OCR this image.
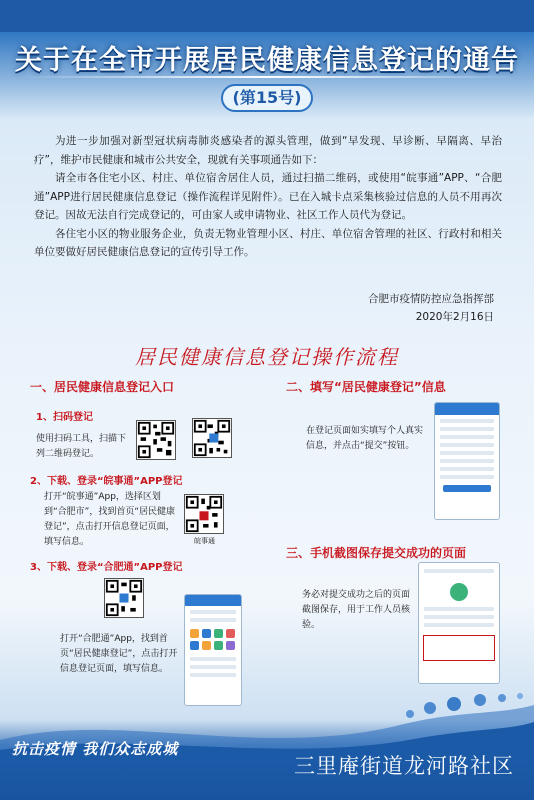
关于在全市开展居民健康信息登记的通告
(第15号)

为进一步加强对新型冠状病毒肺炎感染者的源头管理，做到“早发现、早诊断、早隔离、早治疗”，维护市民健康和城市公共安全，现就有关事项通告如下：

请全市各住宅小区、村庄、单位宿舍居住人员，通过扫描二维码，或使用“皖事通”APP、“合肥通”APP进行居民健康信息登记（操作流程详见附件）。已在入城卡点采集核验过信息的人员不用再次登记。因故无法自行完成登记的，可由家人或申请物业、社区工作人员代为登记。

各住宅小区的物业服务企业，负责无物业管理小区、村庄、单位宿舍管理的社区、行政村和相关单位要做好居民健康信息登记的宣传引导工作。

合肥市疫情防控应急指挥部
2020年2月16日
居民健康信息登记操作流程
一、居民健康信息登记入口
1、扫码登记
使用扫码工具，扫描下列二维码登记。
2、下载、登录“皖事通”APP登记
打开“皖事通”App，选择区划到“合肥市”，找到首页“居民健康登记”，点击打开信息登记页面，填写信息。	皖事通
3、下载、登录“合肥通”APP登记
打开“合肥通”App，找到首页“居民健康登记”，点击打开信息登记页面，填写信息。
二、填写“居民健康登记”信息
在登记页面如实填写个人真实信息，并点击“提交”按钮。
三、手机截图保存提交成功的页面
务必对提交成功之后的页面截图保存，用于工作人员核验。
抗击疫情 我们众志成城
三里庵街道龙河路社区
